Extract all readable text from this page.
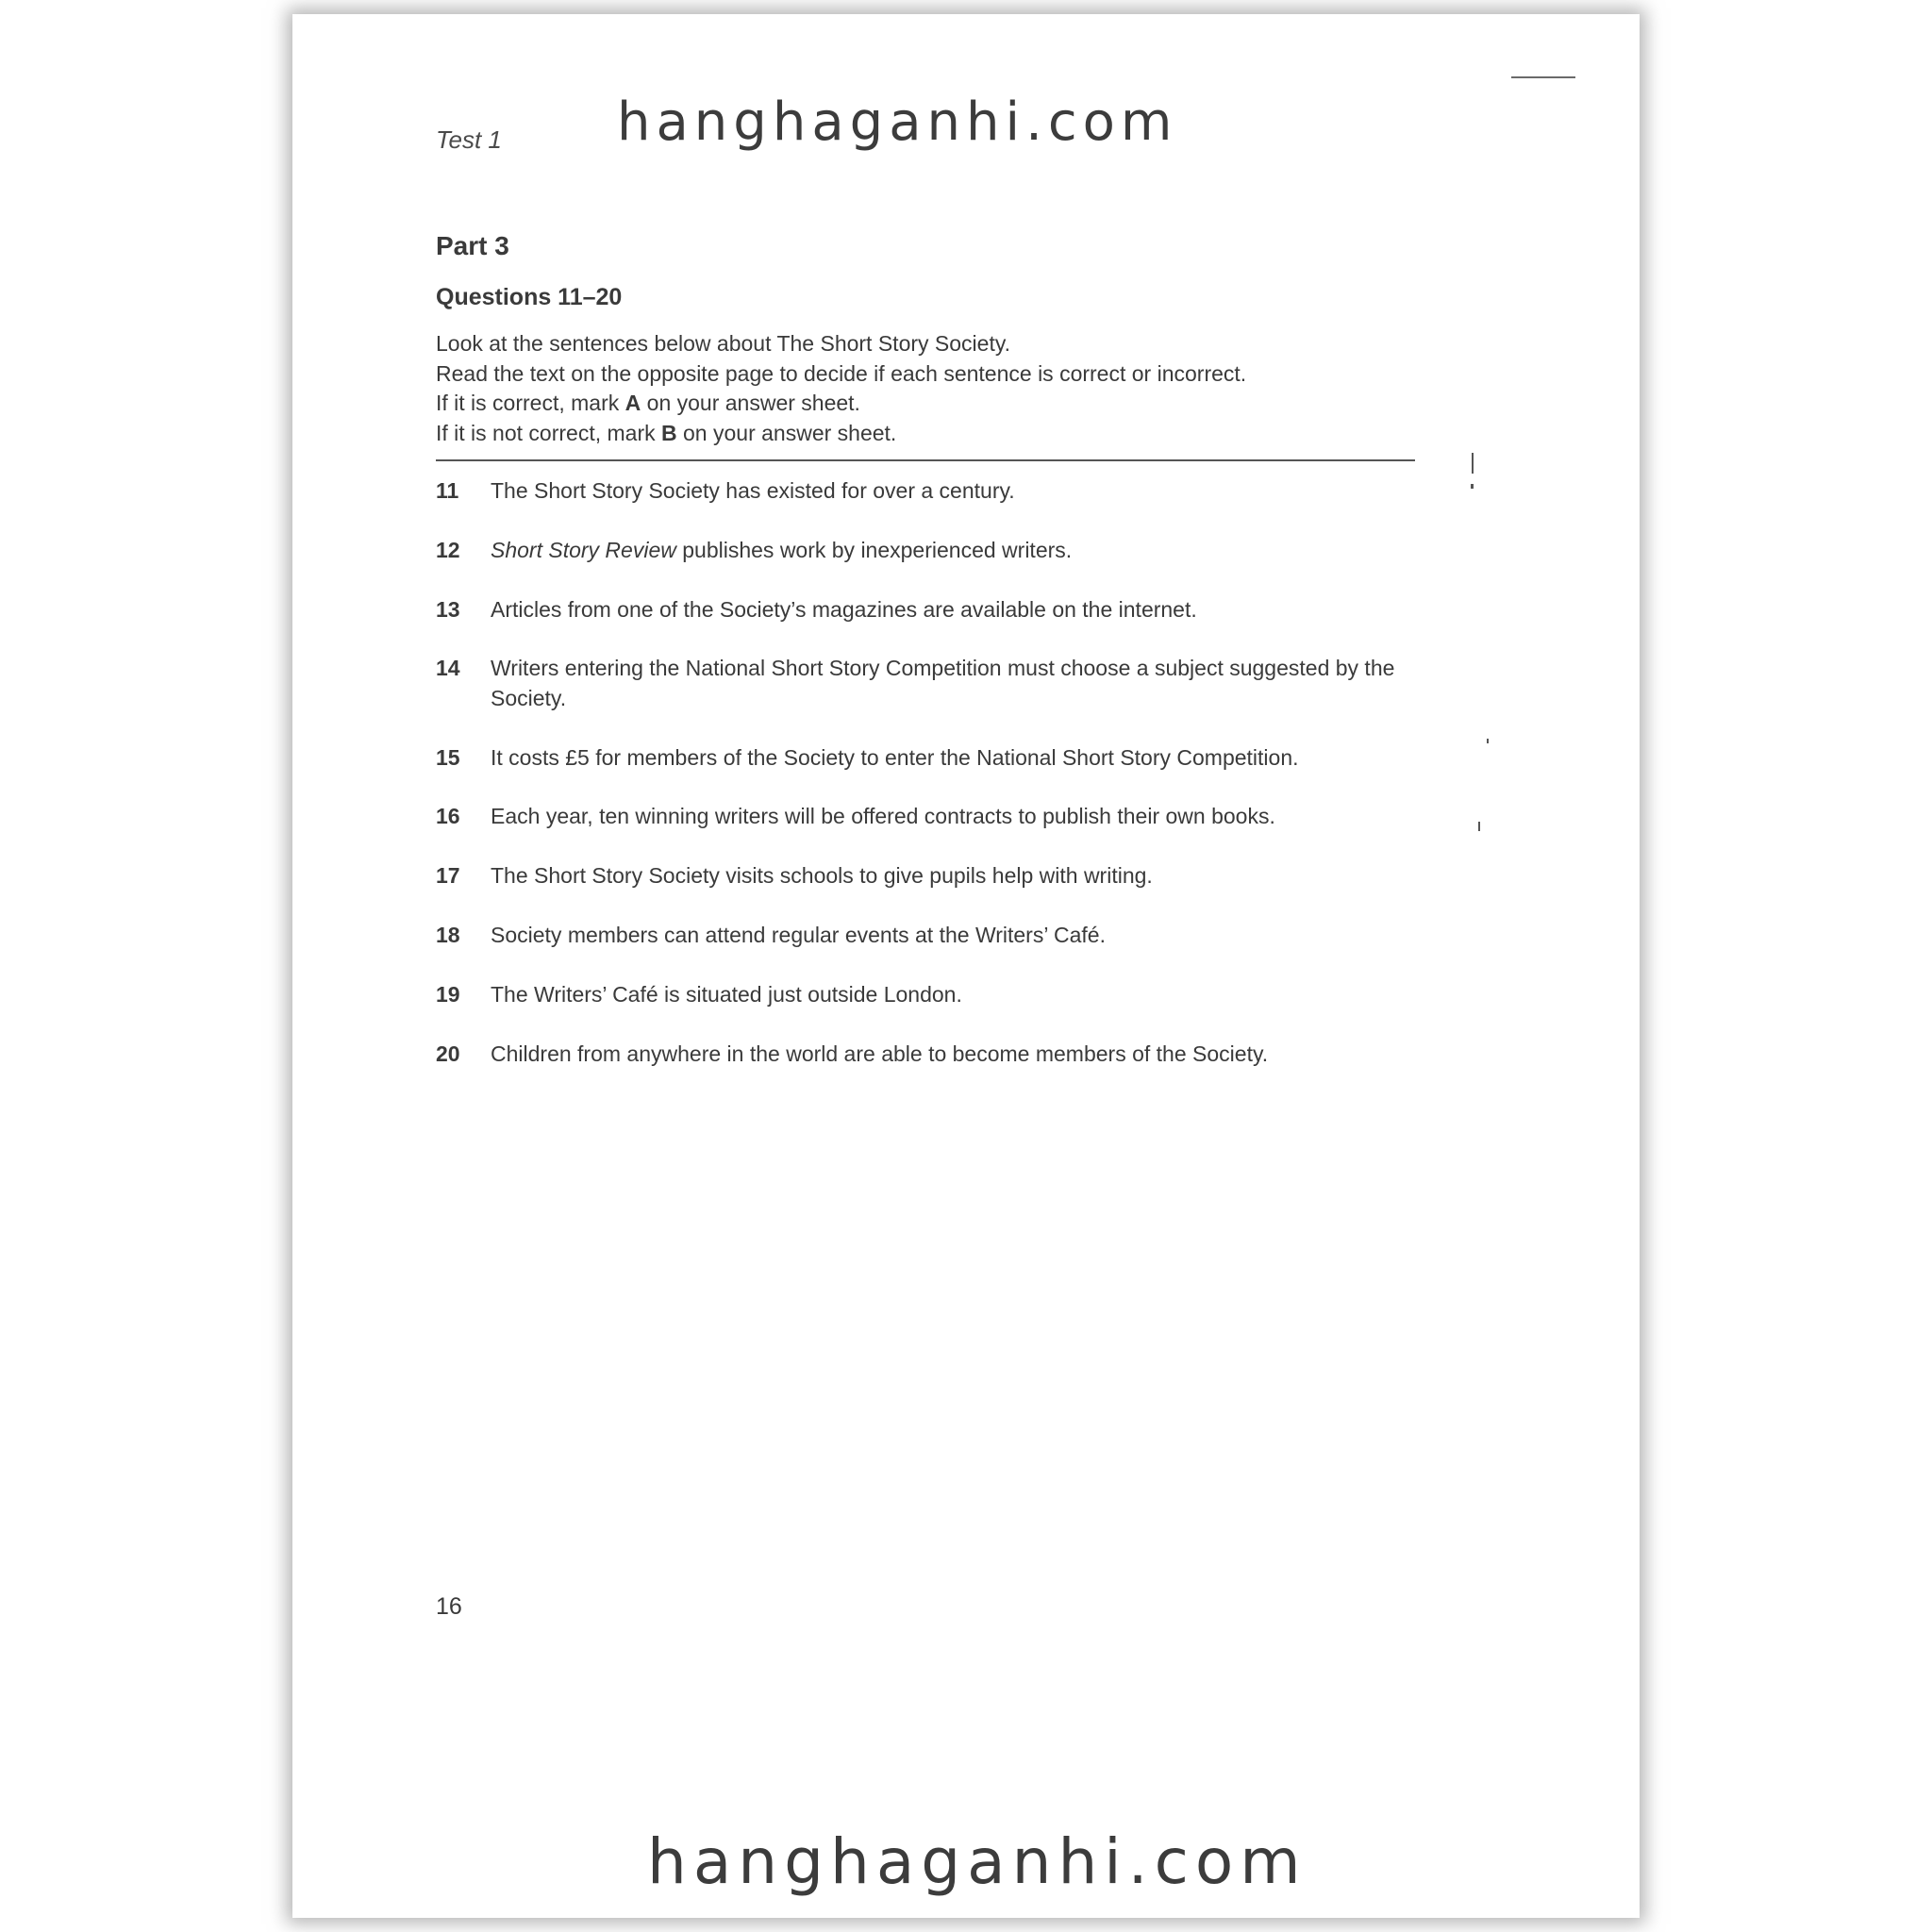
Test 1 hanghaganhi.com
Part 3
Questions 11–20
Look at the sentences below about The Short Story Society.
Read the text on the opposite page to decide if each sentence is correct or incorrect.
If it is correct, mark A on your answer sheet.
If it is not correct, mark B on your answer sheet.
11	The Short Story Society has existed for over a century.
12	Short Story Review publishes work by inexperienced writers.
13	Articles from one of the Society’s magazines are available on the internet.
14	Writers entering the National Short Story Competition must choose a subject suggested by the Society.
15	It costs £5 for members of the Society to enter the National Short Story Competition.
16	Each year, ten winning writers will be offered contracts to publish their own books.
17	The Short Story Society visits schools to give pupils help with writing.
18	Society members can attend regular events at the Writers’ Café.
19	The Writers’ Café is situated just outside London.
20	Children from anywhere in the world are able to become members of the Society.
16
hanghaganhi.com
